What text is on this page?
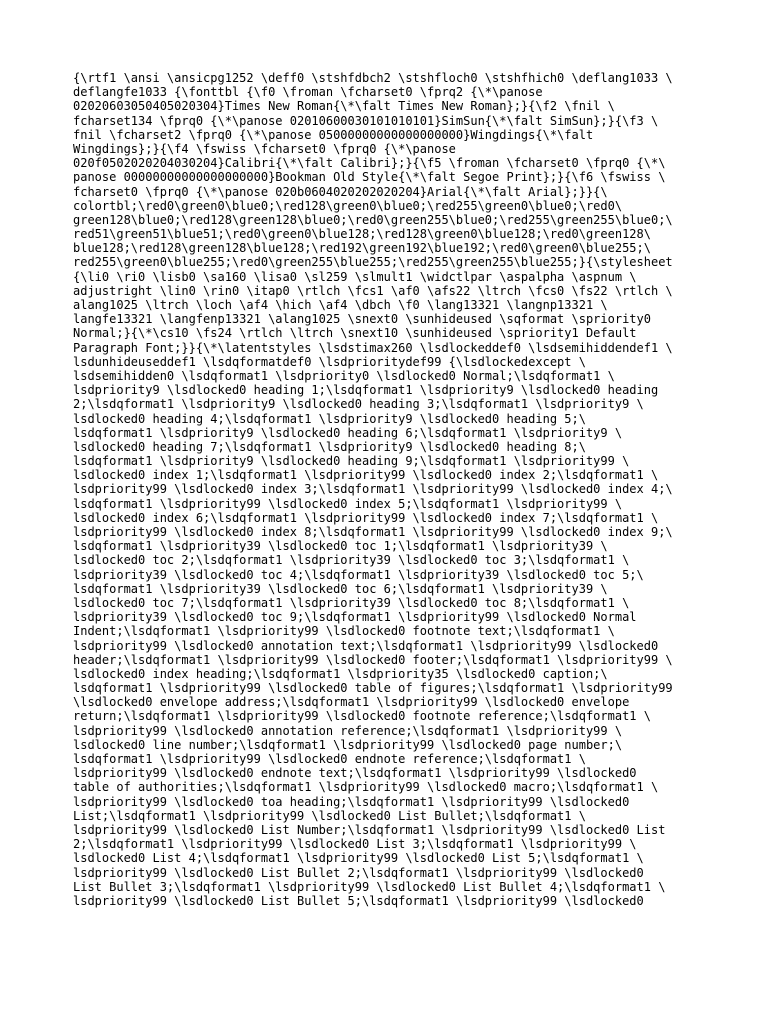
{\rtf1 \ansi \ansicpg1252 \deff0 \stshfdbch2 \stshfloch0 \stshfhich0 \deflang1033 \
deflangfe1033 {\fonttbl {\f0 \froman \fcharset0 \fprq2 {\*\panose
02020603050405020304}Times New Roman{\*\falt Times New Roman};}{\f2 \fnil \
fcharset134 \fprq0 {\*\panose 02010600030101010101}SimSun{\*\falt SimSun};}{\f3 \
fnil \fcharset2 \fprq0 {\*\panose 05000000000000000000}Wingdings{\*\falt
Wingdings};}{\f4 \fswiss \fcharset0 \fprq0 {\*\panose
020f0502020204030204}Calibri{\*\falt Calibri};}{\f5 \froman \fcharset0 \fprq0 {\*\
panose 00000000000000000000}Bookman Old Style{\*\falt Segoe Print};}{\f6 \fswiss \
fcharset0 \fprq0 {\*\panose 020b0604020202020204}Arial{\*\falt Arial};}}{\
colortbl;\red0\green0\blue0;\red128\green0\blue0;\red255\green0\blue0;\red0\
green128\blue0;\red128\green128\blue0;\red0\green255\blue0;\red255\green255\blue0;\
red51\green51\blue51;\red0\green0\blue128;\red128\green0\blue128;\red0\green128\
blue128;\red128\green128\blue128;\red192\green192\blue192;\red0\green0\blue255;\
red255\green0\blue255;\red0\green255\blue255;\red255\green255\blue255;}{\stylesheet
{\li0 \ri0 \lisb0 \sa160 \lisa0 \sl259 \slmult1 \widctlpar \aspalpha \aspnum \
adjustright \lin0 \rin0 \itap0 \rtlch \fcs1 \af0 \afs22 \ltrch \fcs0 \fs22 \rtlch \
alang1025 \ltrch \loch \af4 \hich \af4 \dbch \f0 \lang13321 \langnp13321 \
langfe13321 \langfenp13321 \alang1025 \snext0 \sunhideused \sqformat \spriority0
Normal;}{\*\cs10 \fs24 \rtlch \ltrch \snext10 \sunhideused \spriority1 Default
Paragraph Font;}}{\*\latentstyles \lsdstimax260 \lsdlockeddef0 \lsdsemihiddendef1 \
lsdunhideuseddef1 \lsdqformatdef0 \lsdprioritydef99 {\lsdlockedexcept \
lsdsemihidden0 \lsdqformat1 \lsdpriority0 \lsdlocked0 Normal;\lsdqformat1 \
lsdpriority9 \lsdlocked0 heading 1;\lsdqformat1 \lsdpriority9 \lsdlocked0 heading
2;\lsdqformat1 \lsdpriority9 \lsdlocked0 heading 3;\lsdqformat1 \lsdpriority9 \
lsdlocked0 heading 4;\lsdqformat1 \lsdpriority9 \lsdlocked0 heading 5;\
lsdqformat1 \lsdpriority9 \lsdlocked0 heading 6;\lsdqformat1 \lsdpriority9 \
lsdlocked0 heading 7;\lsdqformat1 \lsdpriority9 \lsdlocked0 heading 8;\
lsdqformat1 \lsdpriority9 \lsdlocked0 heading 9;\lsdqformat1 \lsdpriority99 \
lsdlocked0 index 1;\lsdqformat1 \lsdpriority99 \lsdlocked0 index 2;\lsdqformat1 \
lsdpriority99 \lsdlocked0 index 3;\lsdqformat1 \lsdpriority99 \lsdlocked0 index 4;\
lsdqformat1 \lsdpriority99 \lsdlocked0 index 5;\lsdqformat1 \lsdpriority99 \
lsdlocked0 index 6;\lsdqformat1 \lsdpriority99 \lsdlocked0 index 7;\lsdqformat1 \
lsdpriority99 \lsdlocked0 index 8;\lsdqformat1 \lsdpriority99 \lsdlocked0 index 9;\
lsdqformat1 \lsdpriority39 \lsdlocked0 toc 1;\lsdqformat1 \lsdpriority39 \
lsdlocked0 toc 2;\lsdqformat1 \lsdpriority39 \lsdlocked0 toc 3;\lsdqformat1 \
lsdpriority39 \lsdlocked0 toc 4;\lsdqformat1 \lsdpriority39 \lsdlocked0 toc 5;\
lsdqformat1 \lsdpriority39 \lsdlocked0 toc 6;\lsdqformat1 \lsdpriority39 \
lsdlocked0 toc 7;\lsdqformat1 \lsdpriority39 \lsdlocked0 toc 8;\lsdqformat1 \
lsdpriority39 \lsdlocked0 toc 9;\lsdqformat1 \lsdpriority99 \lsdlocked0 Normal
Indent;\lsdqformat1 \lsdpriority99 \lsdlocked0 footnote text;\lsdqformat1 \
lsdpriority99 \lsdlocked0 annotation text;\lsdqformat1 \lsdpriority99 \lsdlocked0
header;\lsdqformat1 \lsdpriority99 \lsdlocked0 footer;\lsdqformat1 \lsdpriority99 \
lsdlocked0 index heading;\lsdqformat1 \lsdpriority35 \lsdlocked0 caption;\
lsdqformat1 \lsdpriority99 \lsdlocked0 table of figures;\lsdqformat1 \lsdpriority99
\lsdlocked0 envelope address;\lsdqformat1 \lsdpriority99 \lsdlocked0 envelope
return;\lsdqformat1 \lsdpriority99 \lsdlocked0 footnote reference;\lsdqformat1 \
lsdpriority99 \lsdlocked0 annotation reference;\lsdqformat1 \lsdpriority99 \
lsdlocked0 line number;\lsdqformat1 \lsdpriority99 \lsdlocked0 page number;\
lsdqformat1 \lsdpriority99 \lsdlocked0 endnote reference;\lsdqformat1 \
lsdpriority99 \lsdlocked0 endnote text;\lsdqformat1 \lsdpriority99 \lsdlocked0
table of authorities;\lsdqformat1 \lsdpriority99 \lsdlocked0 macro;\lsdqformat1 \
lsdpriority99 \lsdlocked0 toa heading;\lsdqformat1 \lsdpriority99 \lsdlocked0
List;\lsdqformat1 \lsdpriority99 \lsdlocked0 List Bullet;\lsdqformat1 \
lsdpriority99 \lsdlocked0 List Number;\lsdqformat1 \lsdpriority99 \lsdlocked0 List
2;\lsdqformat1 \lsdpriority99 \lsdlocked0 List 3;\lsdqformat1 \lsdpriority99 \
lsdlocked0 List 4;\lsdqformat1 \lsdpriority99 \lsdlocked0 List 5;\lsdqformat1 \
lsdpriority99 \lsdlocked0 List Bullet 2;\lsdqformat1 \lsdpriority99 \lsdlocked0
List Bullet 3;\lsdqformat1 \lsdpriority99 \lsdlocked0 List Bullet 4;\lsdqformat1 \
lsdpriority99 \lsdlocked0 List Bullet 5;\lsdqformat1 \lsdpriority99 \lsdlocked0
